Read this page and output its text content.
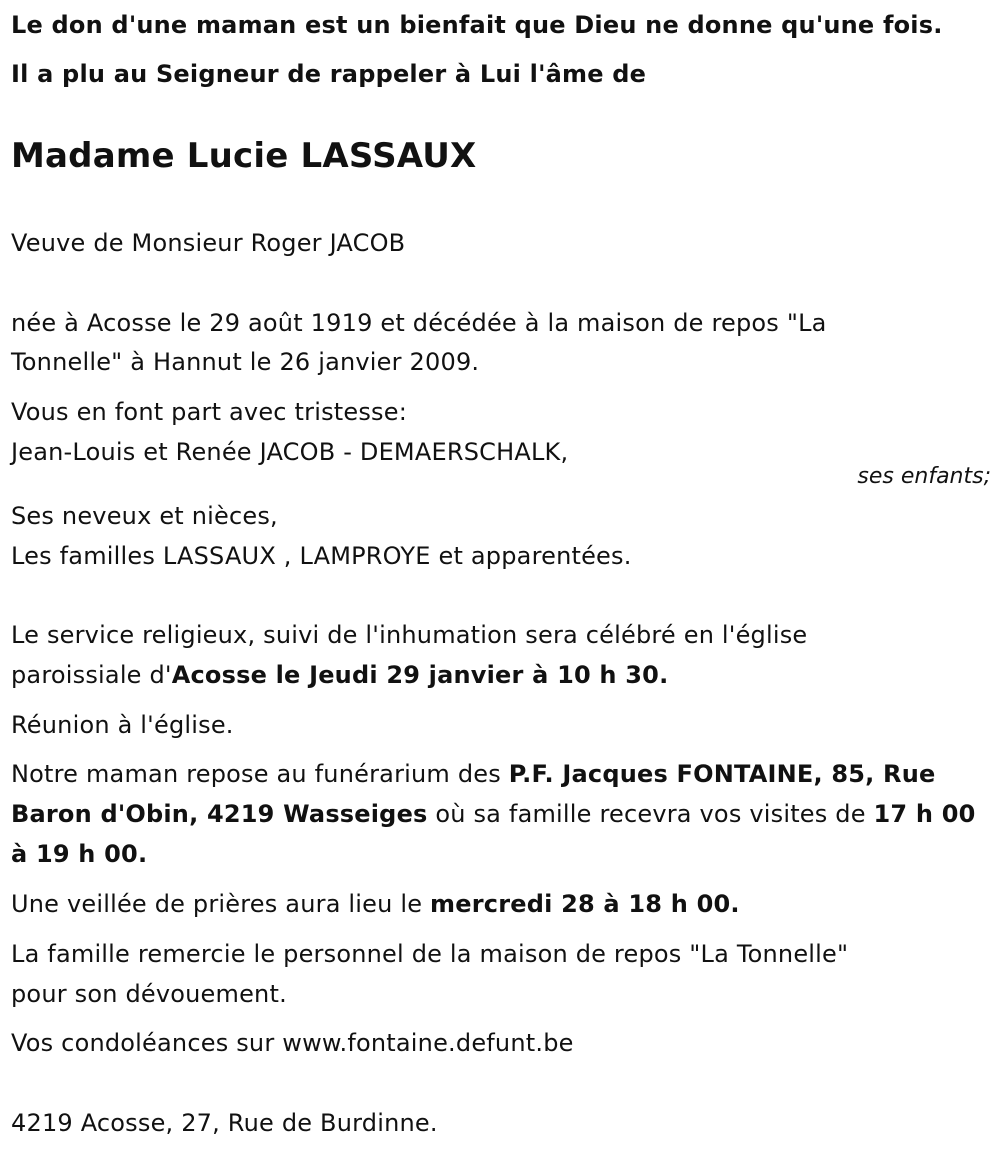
Le don d'une maman est un bienfait que Dieu ne donne qu'une fois.
Il a plu au Seigneur de rappeler à Lui l'âme de
Madame Lucie LASSAUX
Veuve de Monsieur Roger JACOB
née à Acosse le 29 août 1919 et décédée à la maison de repos "La
Tonnelle" à Hannut le 26 janvier 2009.
Vous en font part avec tristesse:
Jean-Louis et Renée JACOB - DEMAERSCHALK,
ses enfants;
Ses neveux et nièces,
Les familles LASSAUX , LAMPROYE et apparentées.
Le service religieux, suivi de l'inhumation sera célébré en l'église
paroissiale d'Acosse le Jeudi 29 janvier à 10 h 30.
Réunion à l'église.
Notre maman repose au funérarium des P.F. Jacques FONTAINE, 85, Rue
Baron d'Obin, 4219 Wasseiges où sa famille recevra vos visites de 17 h 00
à 19 h 00.
Une veillée de prières aura lieu le mercredi 28 à 18 h 00.
La famille remercie le personnel de la maison de repos "La Tonnelle"
pour son dévouement.
Vos condoléances sur www.fontaine.defunt.be
4219 Acosse, 27, Rue de Burdinne.
